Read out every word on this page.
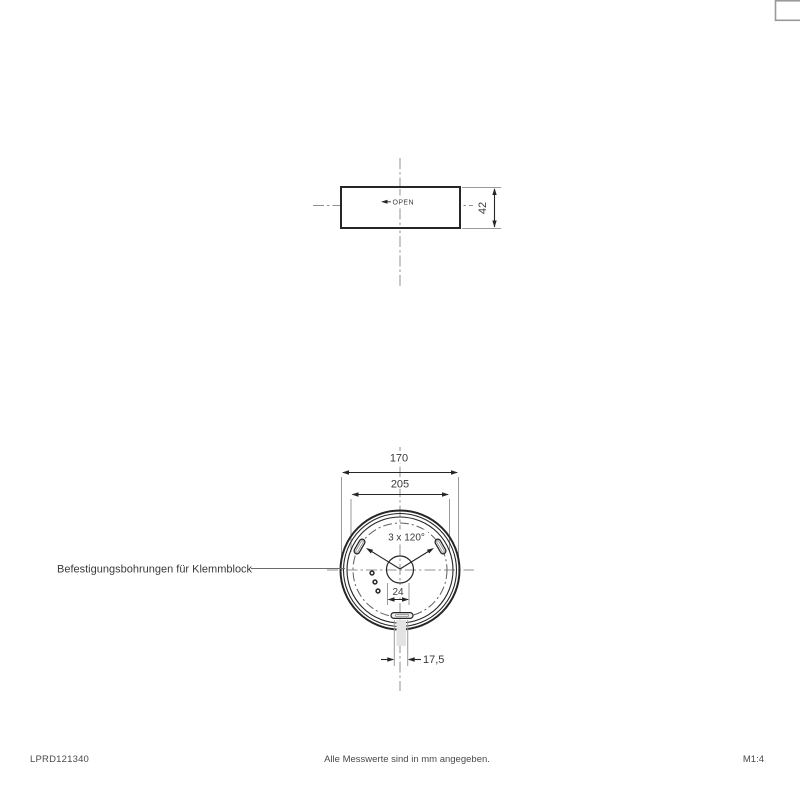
OPEN	42
170
205
3 x 120°
Befestigungsbohrungen für Klemmblock
24
17,5
LPRD121340	Alle Messwerte sind in mm angegeben.	M1:4
